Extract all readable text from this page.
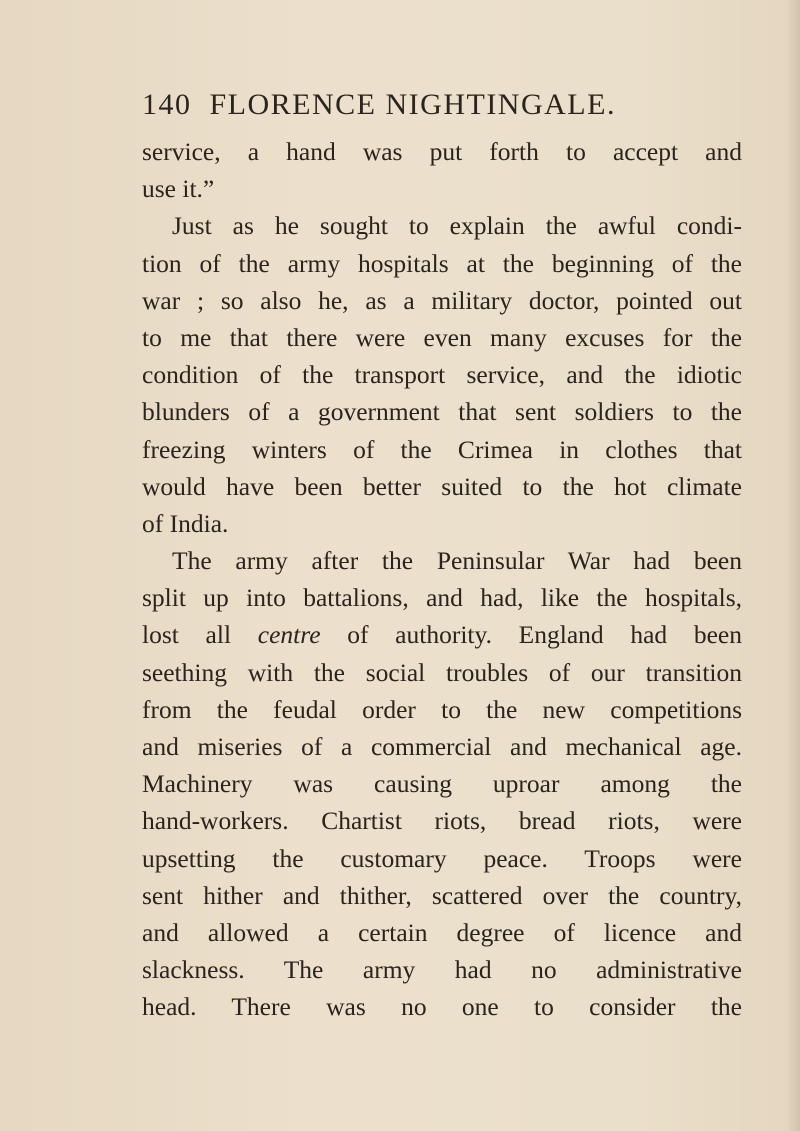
140 FLORENCE NIGHTINGALE.
service, a hand was put forth to accept and
use it.”
Just as he sought to explain the awful condi-
tion of the army hospitals at the beginning of the
war ; so also he, as a military doctor, pointed out
to me that there were even many excuses for the
condition of the transport service, and the idiotic
blunders of a government that sent soldiers to the
freezing winters of the Crimea in clothes that
would have been better suited to the hot climate
of India.
The army after the Peninsular War had been
split up into battalions, and had, like the hospitals,
lost all centre of authority. England had been
seething with the social troubles of our transition
from the feudal order to the new competitions
and miseries of a commercial and mechanical age.
Machinery was causing uproar among the
hand-workers. Chartist riots, bread riots, were
upsetting the customary peace. Troops were
sent hither and thither, scattered over the country,
and allowed a certain degree of licence and
slackness. The army had no administrative
head. There was no one to consider the
